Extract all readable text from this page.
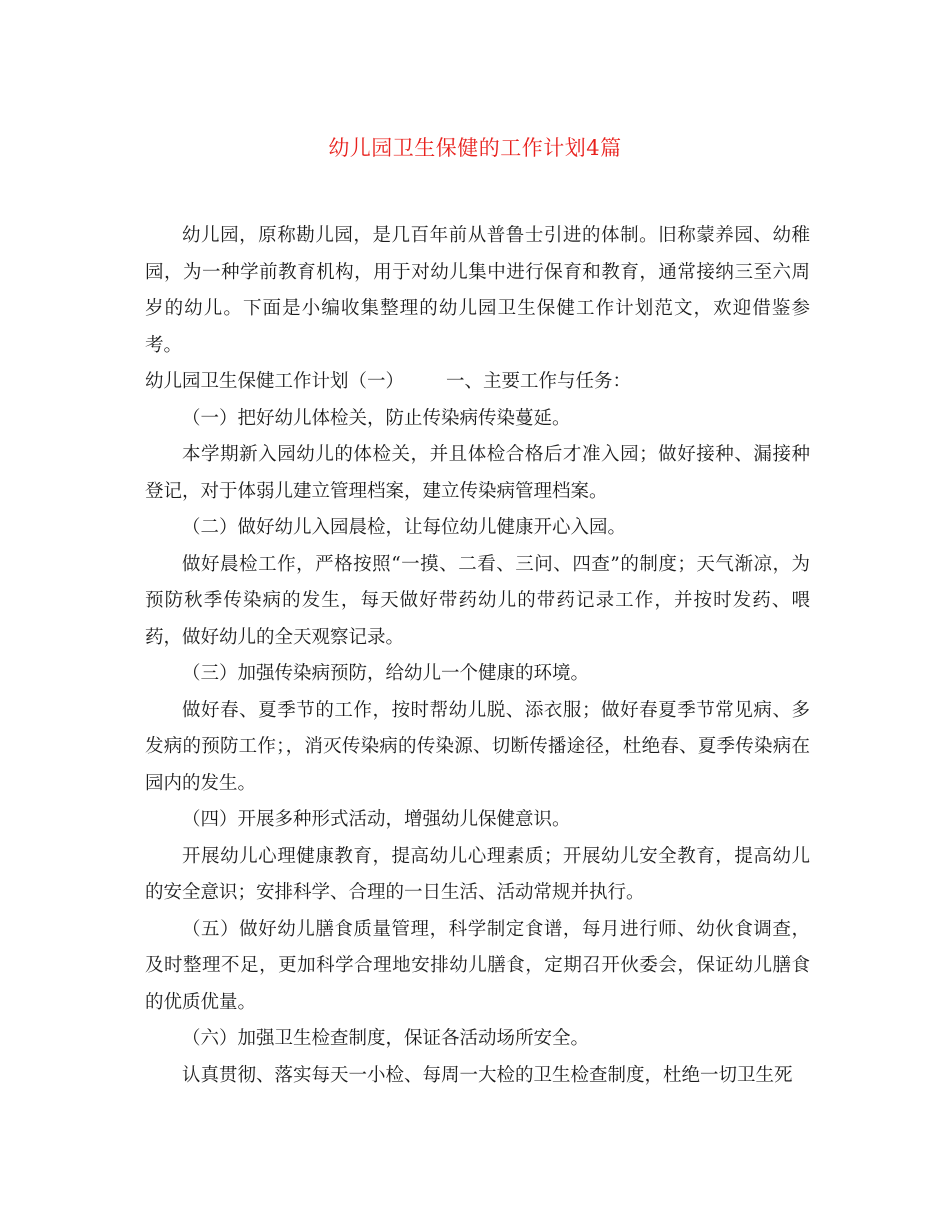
幼儿园卫生保健的工作计划4篇

幼儿园，原称勘儿园，是几百年前从普鲁士引进的体制。旧称蒙养园、幼稚园，为一种学前教育机构，用于对幼儿集中进行保育和教育，通常接纳三至六周岁的幼儿。下面是小编收集整理的幼儿园卫生保健工作计划范文，欢迎借鉴参考。

幼儿园卫生保健工作计划（一） 一、主要工作与任务：

（一）把好幼儿体检关，防止传染病传染蔓延。

本学期新入园幼儿的体检关，并且体检合格后才准入园；做好接种、漏接种登记，对于体弱儿建立管理档案，建立传染病管理档案。

（二）做好幼儿入园晨检，让每位幼儿健康开心入园。

做好晨检工作，严格按照“一摸、二看、三问、四查”的制度；天气渐凉，为预防秋季传染病的发生，每天做好带药幼儿的带药记录工作，并按时发药、喂药，做好幼儿的全天观察记录。

（三）加强传染病预防，给幼儿一个健康的环境。

做好春、夏季节的工作，按时帮幼儿脱、添衣服；做好春夏季节常见病、多发病的预防工作；，消灭传染病的传染源、切断传播途径，杜绝春、夏季传染病在园内的发生。

（四）开展多种形式活动，增强幼儿保健意识。

开展幼儿心理健康教育，提高幼儿心理素质；开展幼儿安全教育，提高幼儿的安全意识；安排科学、合理的一日生活、活动常规并执行。

（五）做好幼儿膳食质量管理，科学制定食谱，每月进行师、幼伙食调查，及时整理不足，更加科学合理地安排幼儿膳食，定期召开伙委会，保证幼儿膳食的优质优量。

（六）加强卫生检查制度，保证各活动场所安全。

认真贯彻、落实每天一小检、每周一大检的卫生检查制度，杜绝一切卫生死
